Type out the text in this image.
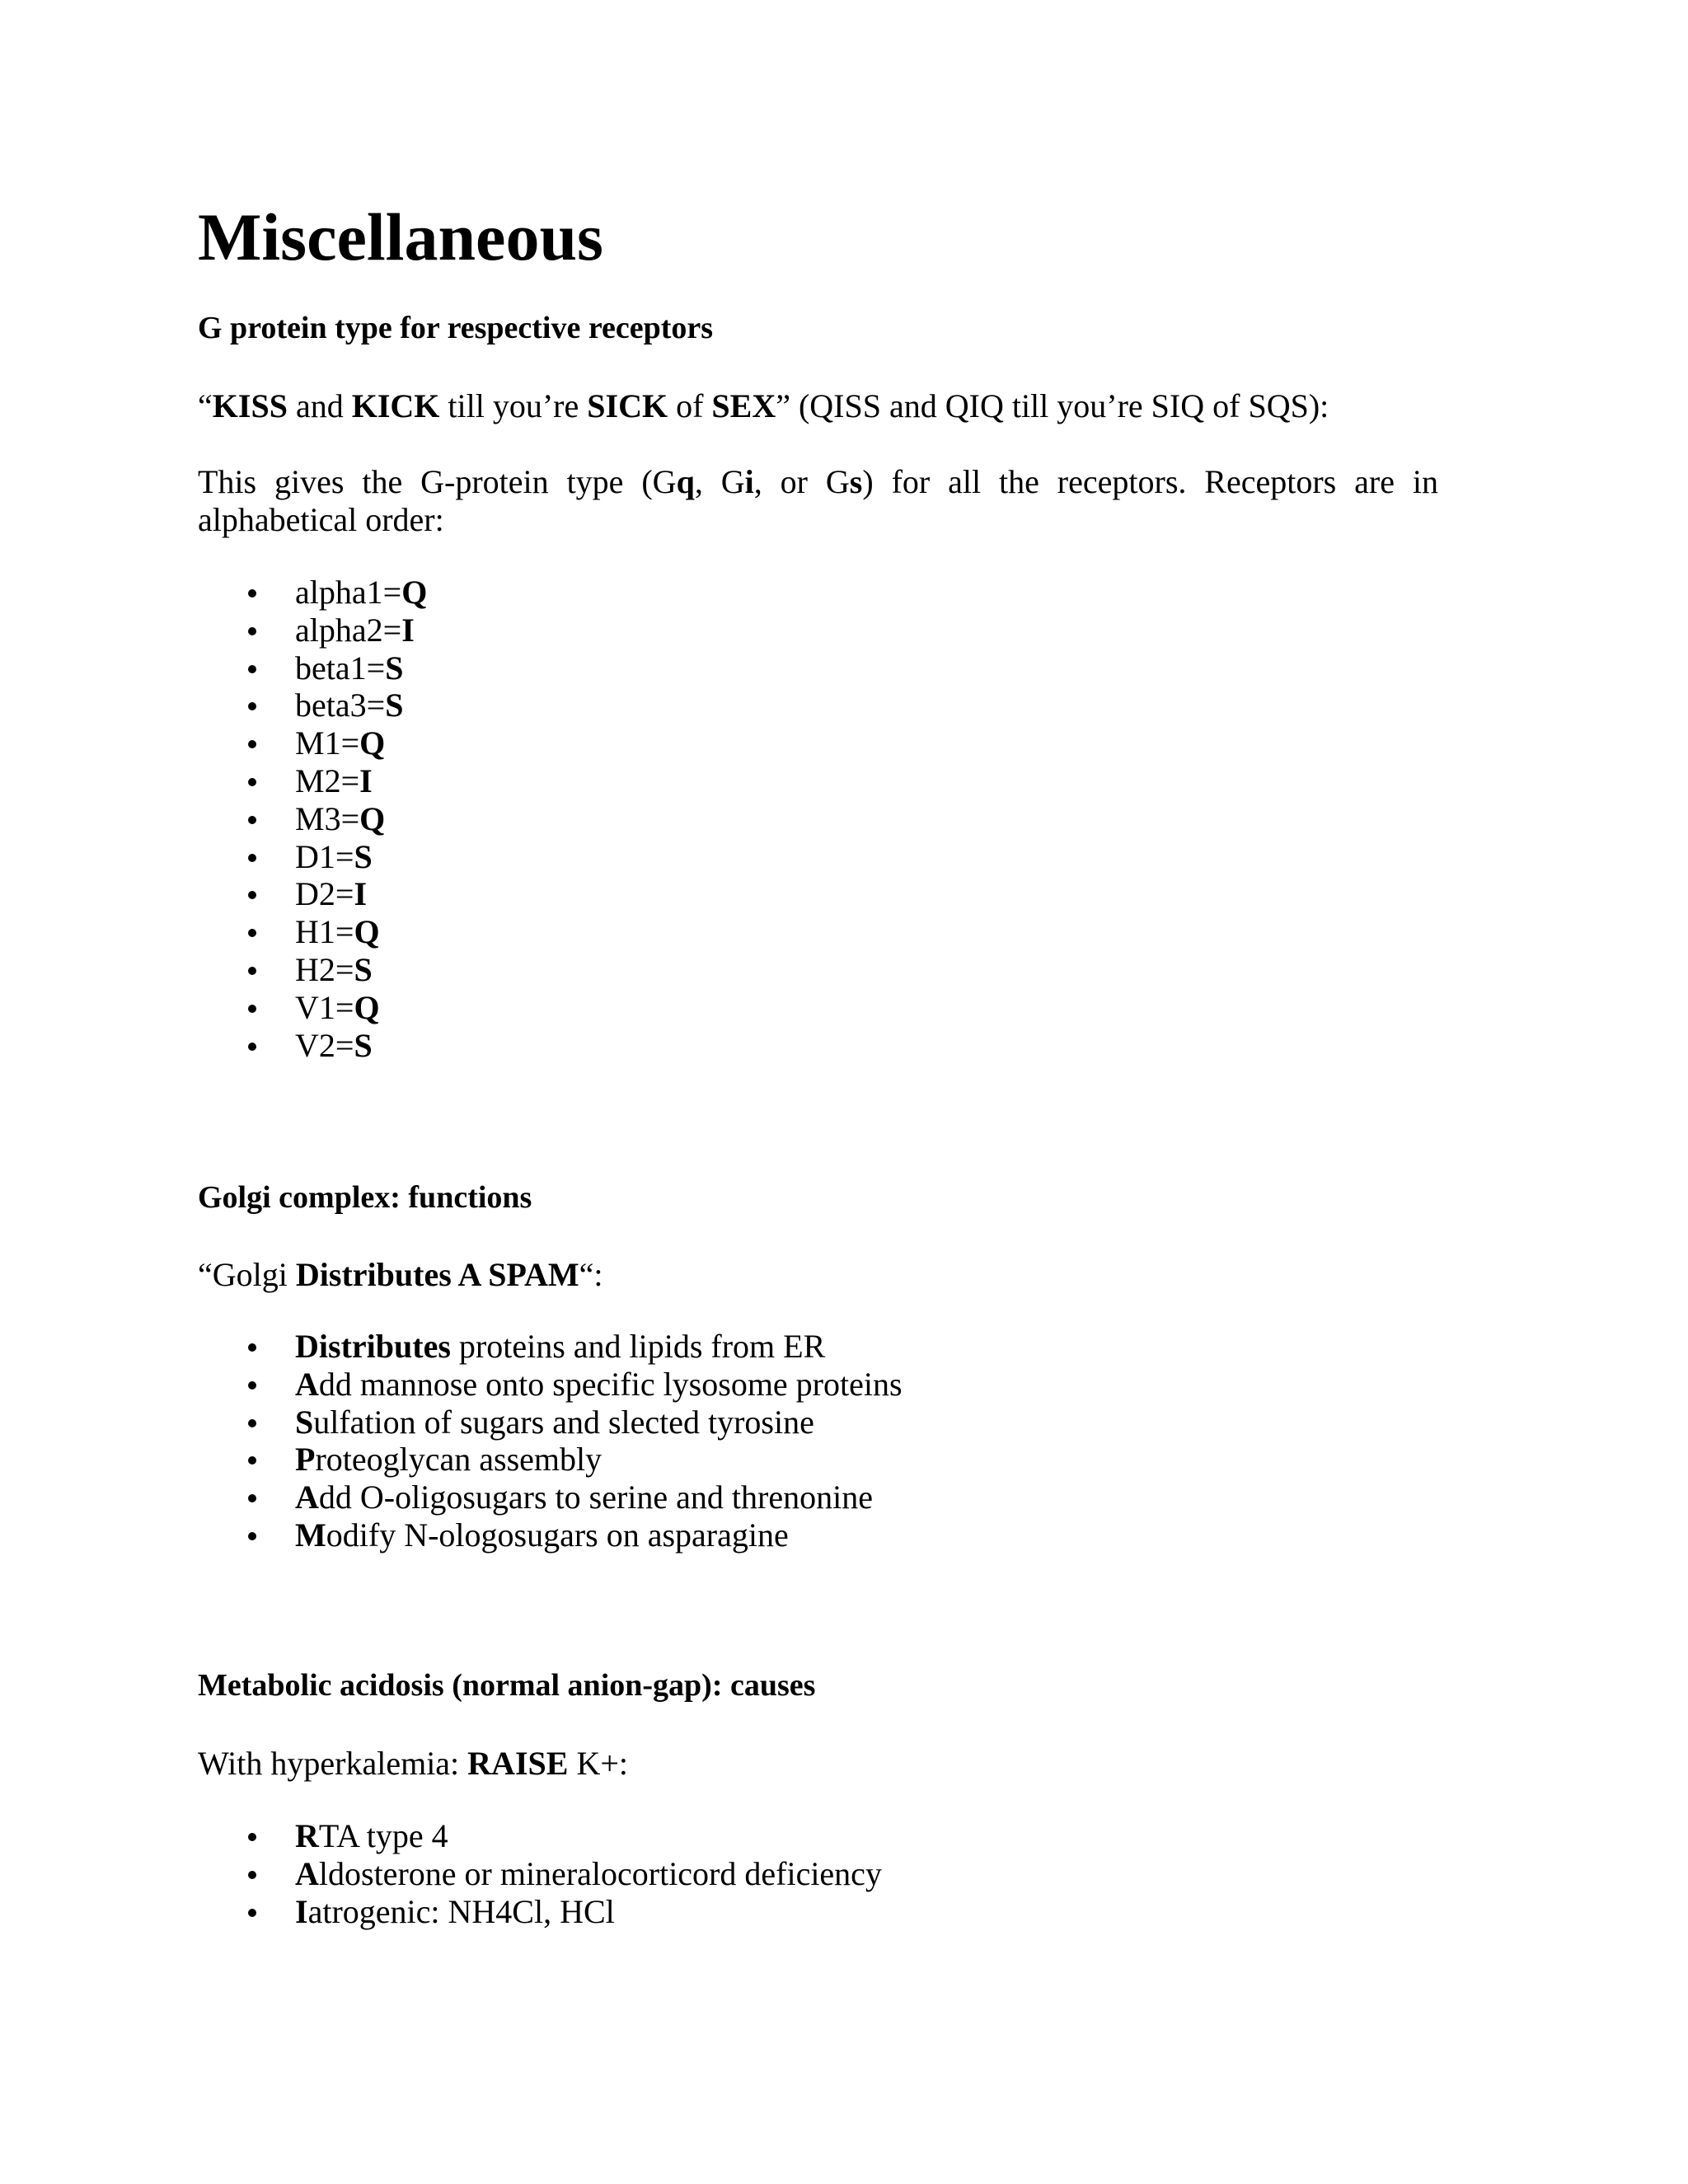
Miscellaneous
G protein type for respective receptors
“KISS and KICK till you’re SICK of SEX” (QISS and QIQ till you’re SIQ of SQS):
This gives the G-protein type (Gq, Gi, or Gs) for all the receptors. Receptors are in alphabetical order:
alpha1=Q
alpha2=I
beta1=S
beta3=S
M1=Q
M2=I
M3=Q
D1=S
D2=I
H1=Q
H2=S
V1=Q
V2=S
Golgi complex: functions
“Golgi Distributes A SPAM“:
Distributes proteins and lipids from ER
Add mannose onto specific lysosome proteins
Sulfation of sugars and slected tyrosine
Proteoglycan assembly
Add O-oligosugars to serine and threnonine
Modify N-ologosugars on asparagine
Metabolic acidosis (normal anion-gap): causes
With hyperkalemia: RAISE K+:
RTA type 4
Aldosterone or mineralocorticord deficiency
Iatrogenic: NH4Cl, HCl
